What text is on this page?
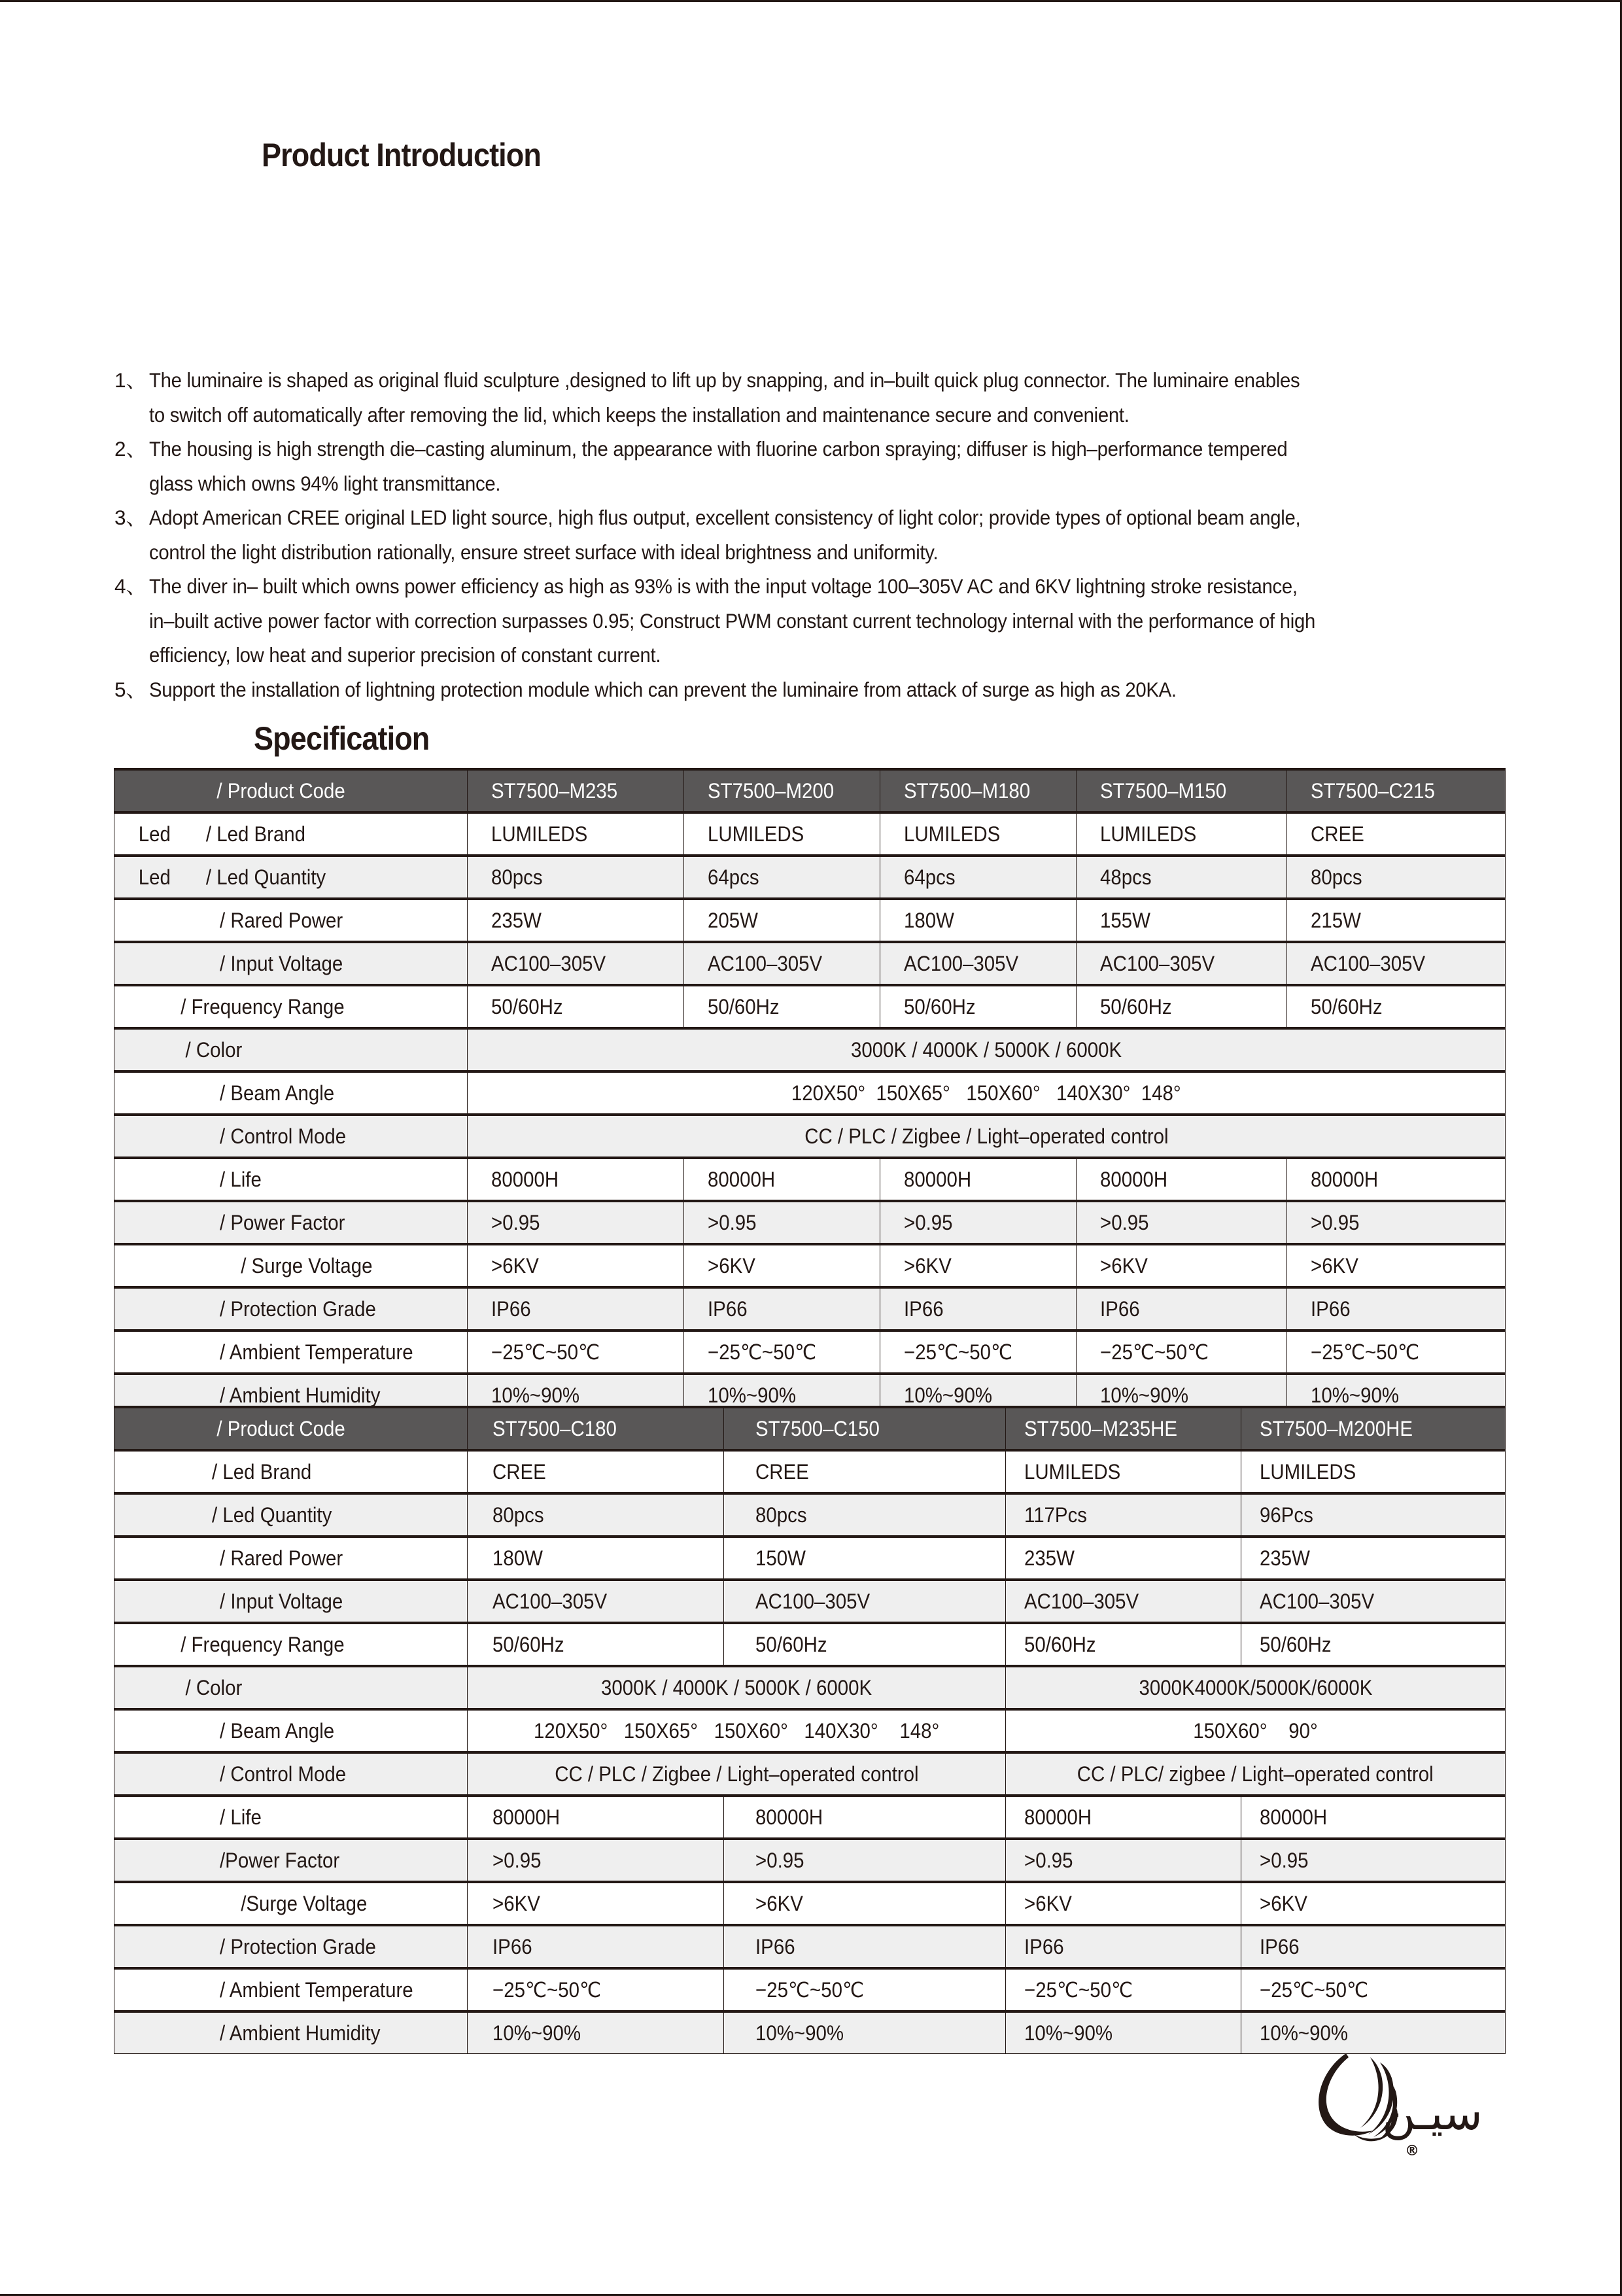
Product Introduction
1、 The luminaire is shaped as original fluid sculpture ,designed to lift up by snapping, and in–built quick plug connector. The luminaire enables
to switch off automatically after removing the lid, which keeps the installation and maintenance secure and convenient.
2、 The housing is high strength die–casting aluminum, the appearance with fluorine carbon spraying; diffuser is high–performance tempered
glass which owns 94% light transmittance.
3、 Adopt American CREE original LED light source, high flus output, excellent consistency of light color; provide types of optional beam angle,
control the light distribution rationally, ensure street surface with ideal brightness and uniformity.
4、 The diver in– built which owns power efficiency as high as 93% is with the input voltage 100–305V AC and 6KV lightning stroke resistance,
in–built active power factor with correction surpasses 0.95; Construct PWM constant current technology internal with the performance of high
efficiency, low heat and superior precision of constant current.
5、 Support the installation of lightning protection module which can prevent the luminaire from attack of surge as high as 20KA.
Specification
/ Product Code	ST7500–M235	ST7500–M200	ST7500–M180	ST7500–M150	ST7500–C215
Led / Led Brand	LUMILEDS	LUMILEDS	LUMILEDS	LUMILEDS	CREE
Led / Led Quantity	80pcs	64pcs	64pcs	48pcs	80pcs
/ Rared Power	235W	205W	180W	155W	215W
/ Input Voltage	AC100–305V	AC100–305V	AC100–305V	AC100–305V	AC100–305V
/ Frequency Range	50/60Hz	50/60Hz	50/60Hz	50/60Hz	50/60Hz
/ Color	3000K / 4000K / 5000K / 6000K				
/ Beam Angle	120X50°  150X65°   150X60°   140X30°  148°				
/ Control Mode	CC / PLC / Zigbee / Light–operated control				
/ Life	80000H	80000H	80000H	80000H	80000H
/ Power Factor	>0.95	>0.95	>0.95	>0.95	>0.95
/ Surge Voltage	>6KV	>6KV	>6KV	>6KV	>6KV
/ Protection Grade	IP66	IP66	IP66	IP66	IP66
/ Ambient Temperature	−25℃~50℃	−25℃~50℃	−25℃~50℃	−25℃~50℃	−25℃~50℃
/ Ambient Humidity	10%~90%	10%~90%	10%~90%	10%~90%	10%~90%
/ Product Code	ST7500–C180	ST7500–C150	ST7500–M235HE	ST7500–M200HE
/ Led Brand	CREE	CREE	LUMILEDS	LUMILEDS
/ Led Quantity	80pcs	80pcs	117Pcs	96Pcs
/ Rared Power	180W	150W	235W	235W
/ Input Voltage	AC100–305V	AC100–305V	AC100–305V	AC100–305V
/ Frequency Range	50/60Hz	50/60Hz	50/60Hz	50/60Hz
/ Color	3000K / 4000K / 5000K / 6000K		3000K4000K/5000K/6000K	
/ Beam Angle	120X50°   150X65°   150X60°   140X30°    148°		150X60°    90°	
/ Control Mode	CC / PLC / Zigbee / Light–operated control		CC / PLC/ zigbee / Light–operated control	
/ Life	80000H	80000H	80000H	80000H
/Power Factor	>0.95	>0.95	>0.95	>0.95
/Surge Voltage	>6KV	>6KV	>6KV	>6KV
/ Protection Grade	IP66	IP66	IP66	IP66
/ Ambient Temperature	−25℃~50℃	−25℃~50℃	−25℃~50℃	−25℃~50℃
/ Ambient Humidity	10%~90%	10%~90%	10%~90%	10%~90%
سيـن
®
